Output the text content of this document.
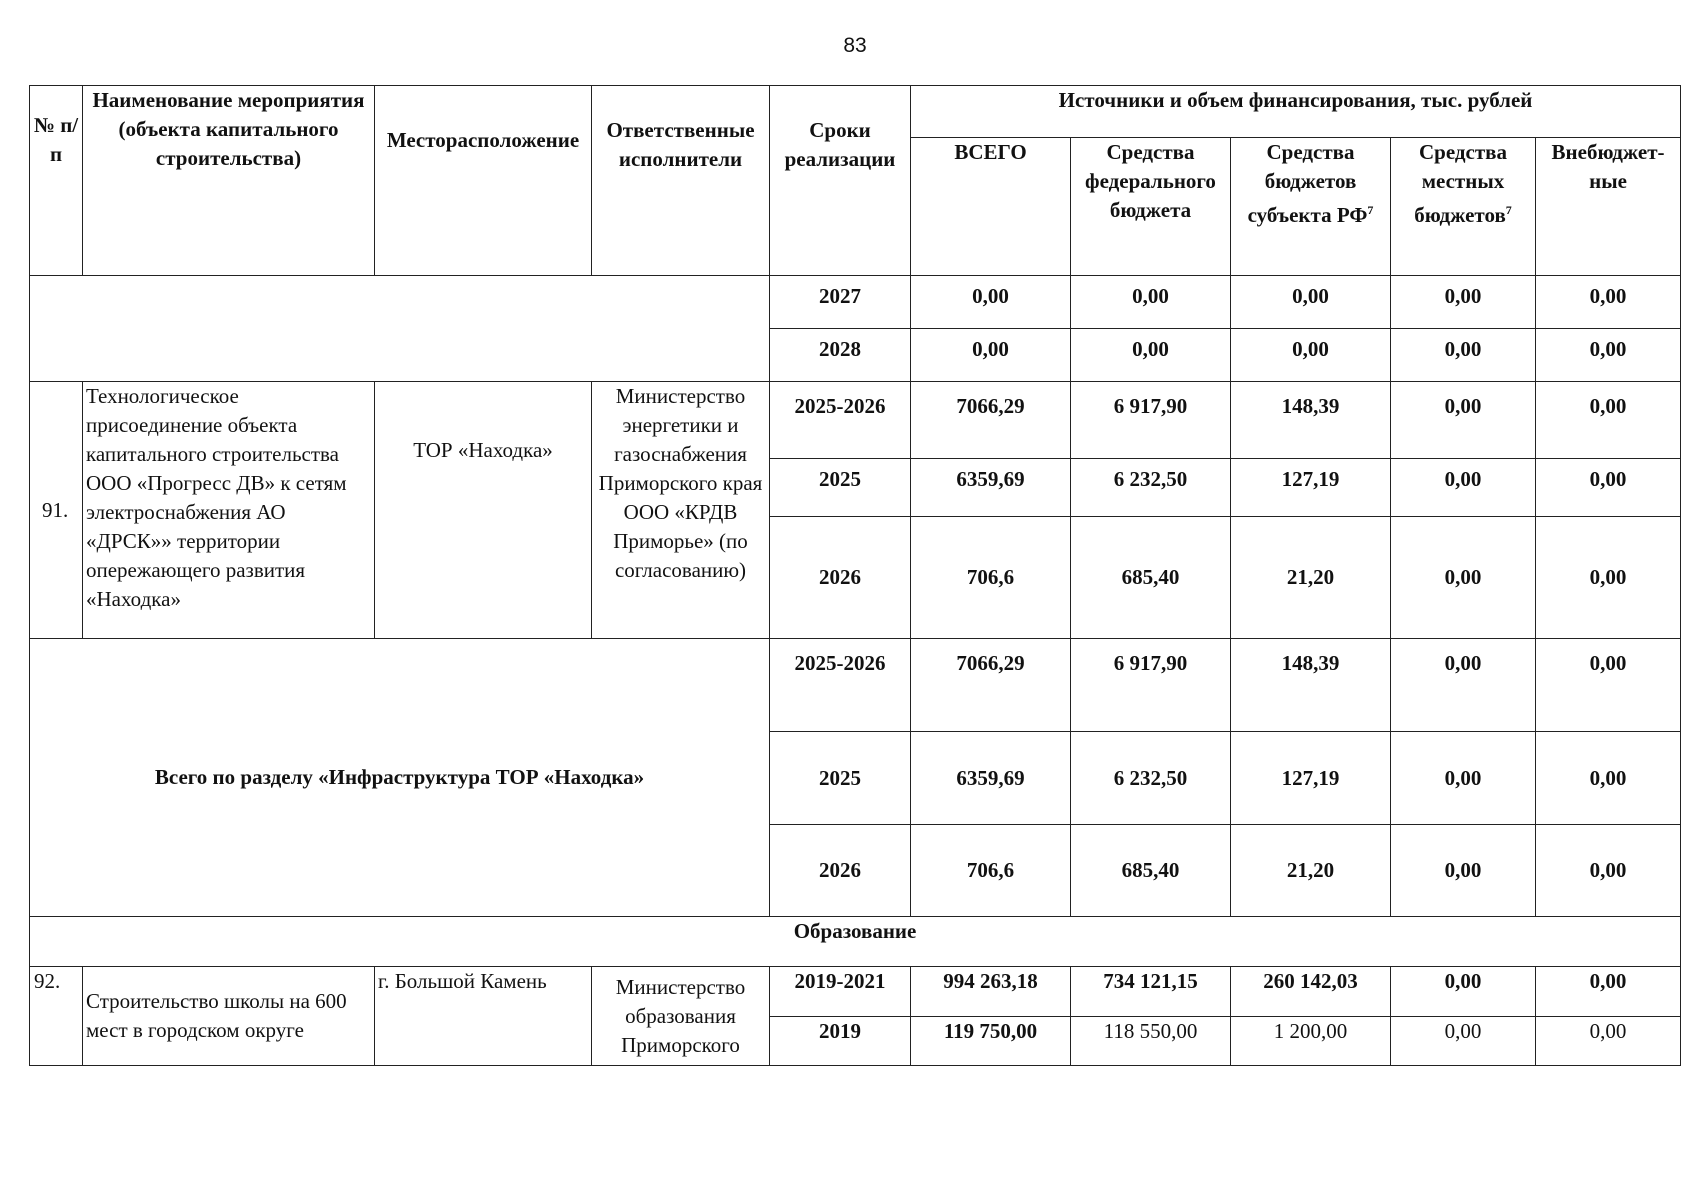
83
№ п/п	Наименование мероприятия (объекта капитального строительства)	Месторасположение	Ответственные исполнители	Сроки реализации	Источники и объем финансирования, тыс. рублей				
					ВСЕГО	Средства федерального бюджета	Средства бюджетов субъекта $РФ^7$	Средства местных бюджетов$^7$	Внебюджет-ные
				2027	0,00	0,00	0,00	0,00	0,00
				2028	0,00	0,00	0,00	0,00	0,00
91.	Технологическое присоединение объекта капитального строительства ООО «Прогресс ДВ» к сетям электроснабжения АО «ДРСК»» территории опережающего развития «Находка»	ТОР «Находка»	Министерство энергетики и газоснабжения Приморского края ООО «КРДВ Приморье» (по согласованию)	2025-2026	7066,29	6 917,90	148,39	0,00	0,00
				2025	6359,69	6 232,50	127,19	0,00	0,00
				2026	706,6	685,40	21,20	0,00	0,00
Всего по разделу «Инфраструктура ТОР «Находка»				2025-2026	7066,29	6 917,90	148,39	0,00	0,00
				2025	6359,69	6 232,50	127,19	0,00	0,00
				2026	706,6	685,40	21,20	0,00	0,00
Образование									
92.	Строительство школы на 600 мест в городском округе	г. Большой Камень	Министерство образования Приморского	2019-2021	994 263,18	734 121,15	260 142,03	0,00	0,00
				2019	119 750,00	118 550,00	1 200,00	0,00	0,00
